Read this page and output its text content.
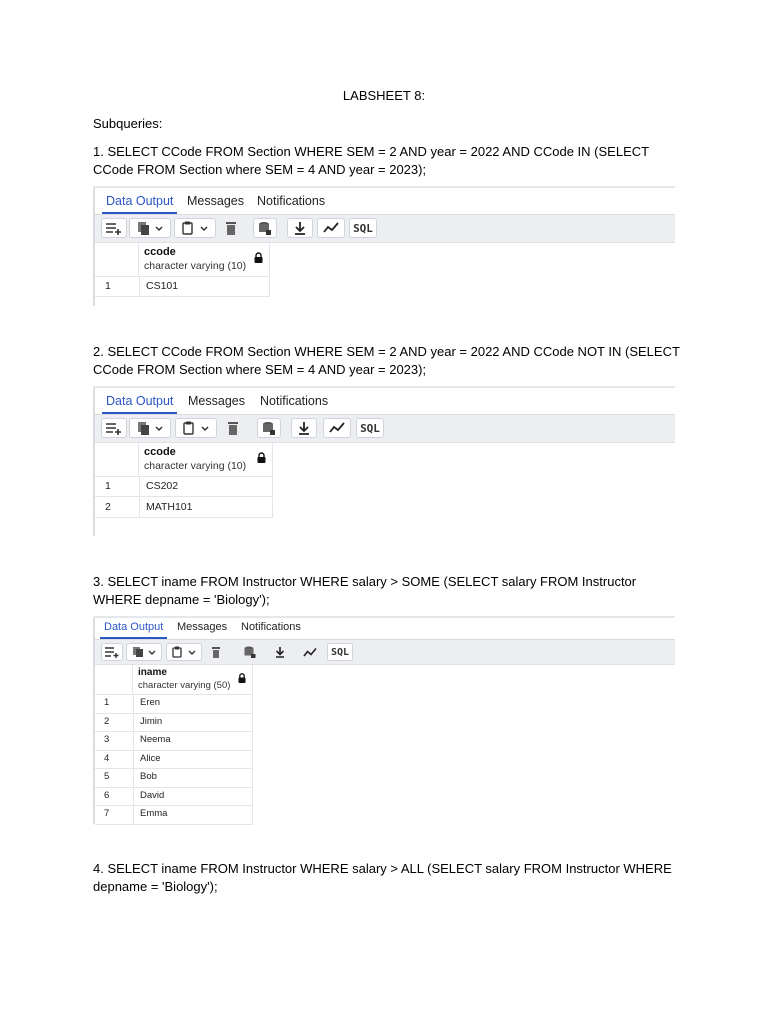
LABSHEET 8:
Subqueries:
1. SELECT CCode FROM Section WHERE SEM = 2 AND year = 2022 AND CCode IN (SELECT CCode FROM Section where SEM = 4 AND year = 2023);
Data Output Messages Notifications
SQL
ccode
character varying (10)
1	CS101
2. SELECT CCode FROM Section WHERE SEM = 2 AND year = 2022 AND CCode NOT IN (SELECT CCode FROM Section where SEM = 4 AND year = 2023);
Data Output Messages Notifications
SQL
ccode
character varying (10)
1	CS202
2	MATH101
3. SELECT iname FROM Instructor WHERE salary > SOME (SELECT salary FROM Instructor WHERE depname = 'Biology');
Data Output Messages Notifications
SQL
iname
character varying (50)
1	Eren
2	Jimin
3	Neema
4	Alice
5	Bob
6	David
7	Emma
4. SELECT iname FROM Instructor WHERE salary > ALL (SELECT salary FROM Instructor WHERE depname = 'Biology');
